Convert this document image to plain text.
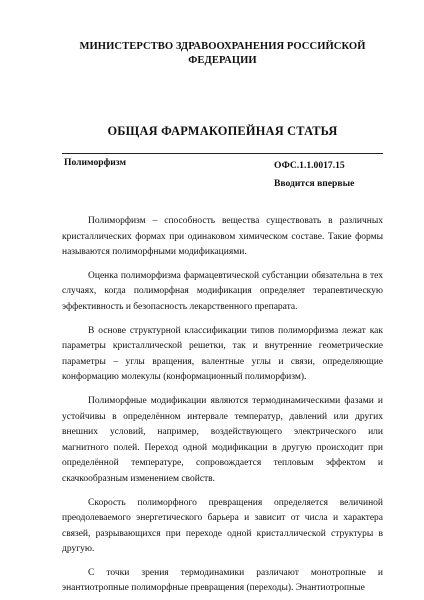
МИНИСТЕРСТВО ЗДРАВООХРАНЕНИЯ РОССИЙСКОЙ ФЕДЕРАЦИИ

ОБЩАЯ ФАРМАКОПЕЙНАЯ СТАТЬЯ

Полиморфизм	ОФС.1.1.0017.15
Вводится впервые

Полиморфизм – способность вещества существовать в различных кристаллических формах при одинаковом химическом составе. Такие формы называются полиморфными модификациями.

Оценка полиморфизма фармацевтической субстанции обязательна в тех случаях, когда полиморфная модификация определяет терапевтическую эффективность и безопасность лекарственного препарата.

В основе структурной классификации типов полиморфизма лежат как параметры кристаллической решетки, так и внутренние геометрические параметры – углы вращения, валентные углы и связи, определяющие конформацию молекулы (конформационный полиморфизм).

Полиморфные модификации являются термодинамическими фазами и устойчивы в определённом интервале температур, давлений или других внешних условий, например, воздействующего электрического или магнитного полей. Переход одной модификации в другую происходит при определённой температуре, сопровождается тепловым эффектом и скачкообразным изменением свойств.

Скорость полиморфного превращения определяется величиной преодолеваемого энергетического барьера и зависит от числа и характера связей, разрывающихся при переходе одной кристаллической структуры в другую.

С точки зрения термодинамики различают монотропные и энантиотропные полиморфные превращения (переходы). Энантиотропные
